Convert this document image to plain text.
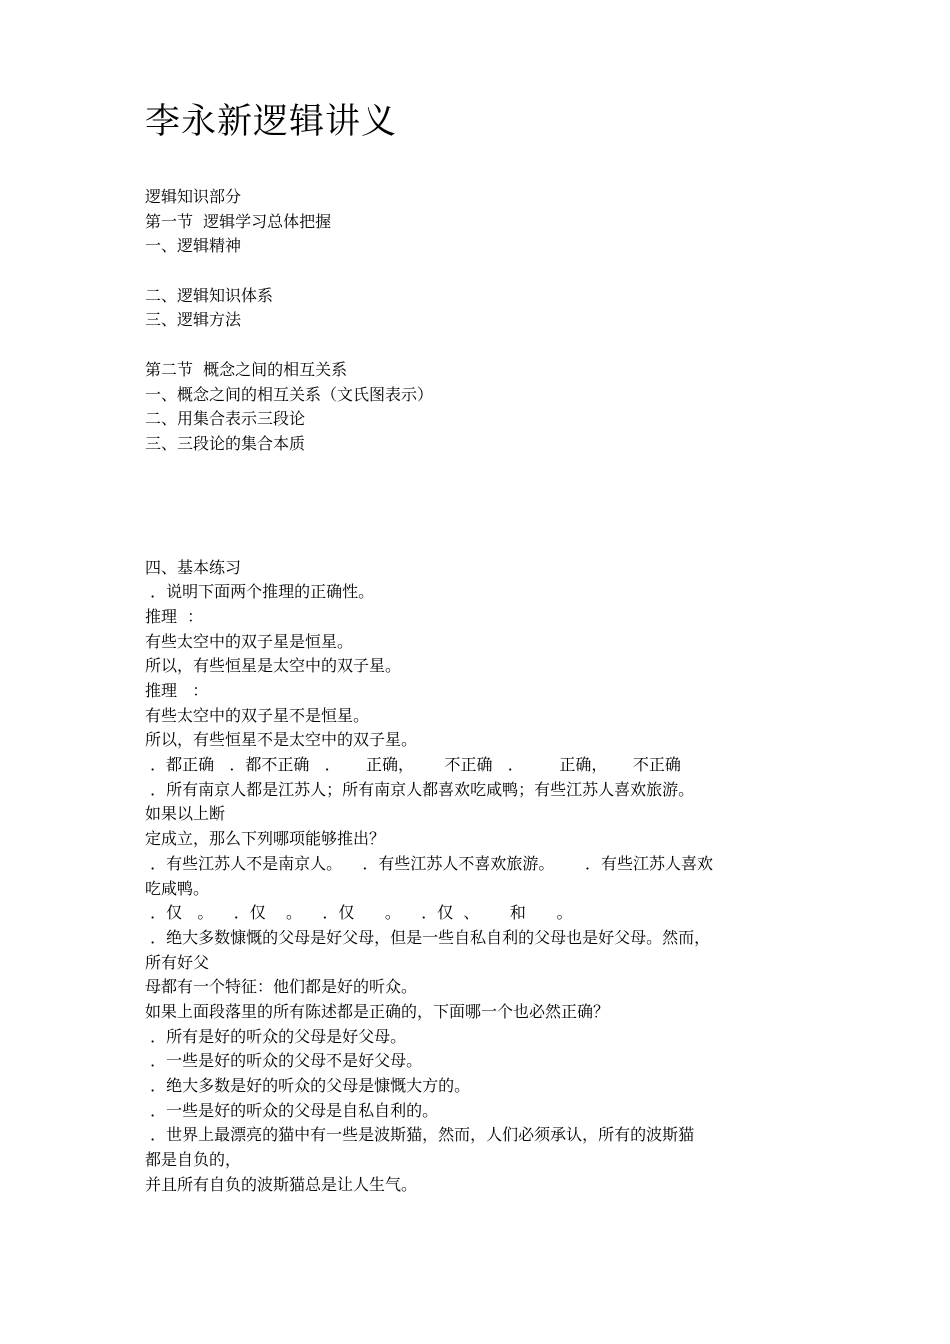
李永新逻辑讲义
逻辑知识部分
第一节  逻辑学习总体把握
一、逻辑精神
二、逻辑知识体系
三、逻辑方法
第二节  概念之间的相互关系
一、概念之间的相互关系（文氏图表示）
二、用集合表示三段论
三、三段论的集合本质
四、基本练习
．说明下面两个推理的正确性。
推理  ：
有些太空中的双子星是恒星。
所以，有些恒星是太空中的双子星。
推理   ：
有些太空中的双子星不是恒星。
所以，有些恒星不是太空中的双子星。
．都正确   ．都不正确   ．     正确，      不正确   ．       正确，     不正确
．所有南京人都是江苏人；所有南京人都喜欢吃咸鸭；有些江苏人喜欢旅游。
如果以上断
定成立，那么下列哪项能够推出？
．有些江苏人不是南京人。    ．有些江苏人不喜欢旅游。      ．有些江苏人喜欢
吃咸鸭。
．仅   。    ．仅    。    ．仅      。    ．仅  、      和      。
．绝大多数慷慨的父母是好父母，但是一些自私自利的父母也是好父母。然而，
所有好父
母都有一个特征：他们都是好的听众。
如果上面段落里的所有陈述都是正确的，下面哪一个也必然正确？
．所有是好的听众的父母是好父母。
．一些是好的听众的父母不是好父母。
．绝大多数是好的听众的父母是慷慨大方的。
．一些是好的听众的父母是自私自利的。
．世界上最漂亮的猫中有一些是波斯猫，然而，人们必须承认，所有的波斯猫
都是自负的，
并且所有自负的波斯猫总是让人生气。
